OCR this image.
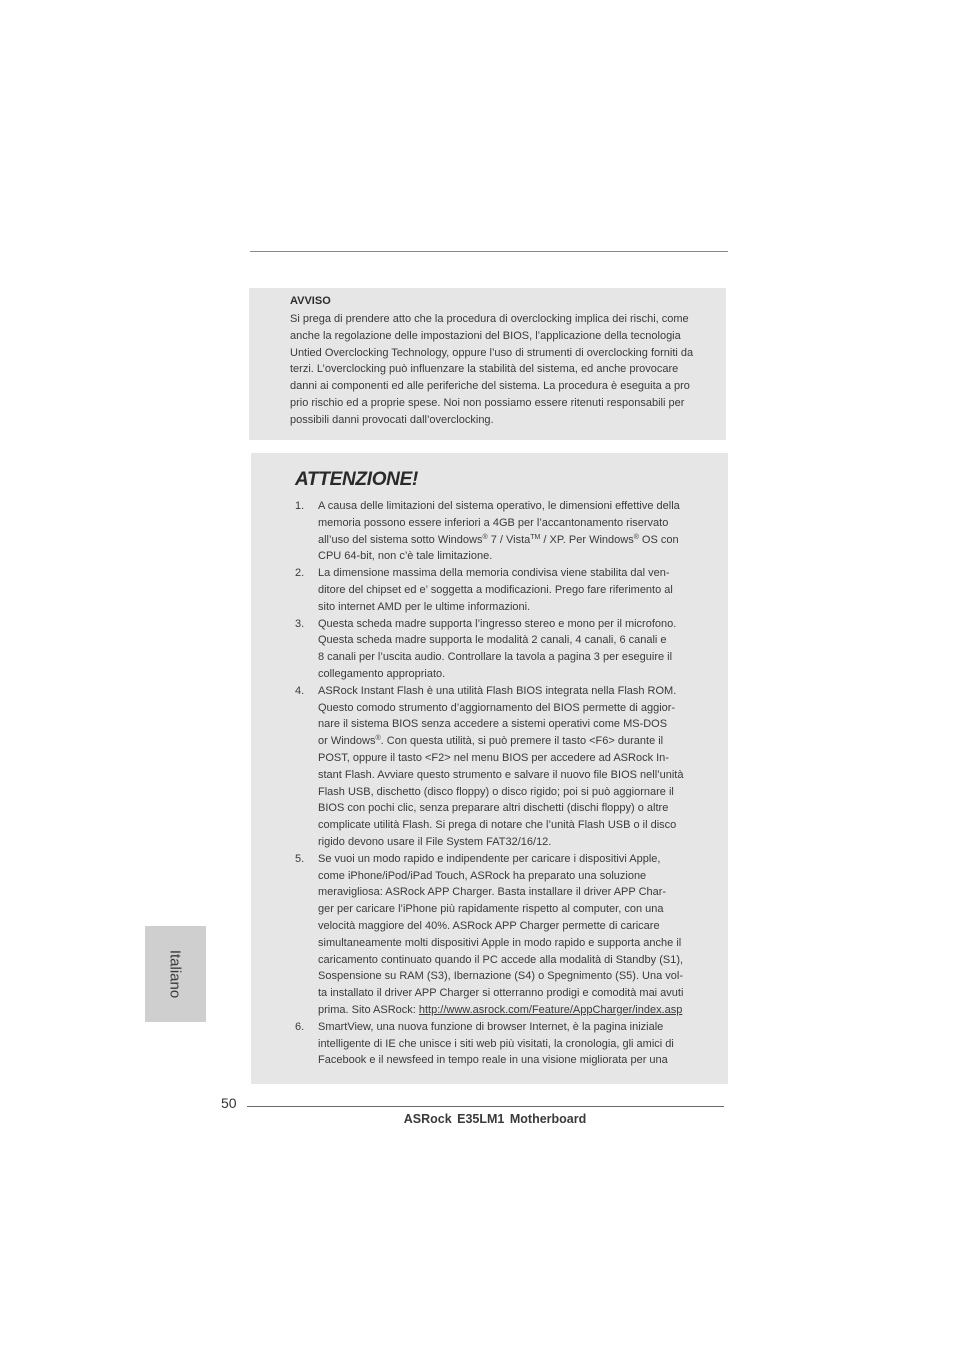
AVVISO
Si prega di prendere atto che la procedura di overclocking implica dei rischi, come
anche la regolazione delle impostazioni del BIOS, l’applicazione della tecnologia
Untied Overclocking Technology, oppure l’uso di strumenti di overclocking forniti da
terzi. L’overclocking può influenzare la stabilità del sistema, ed anche provocare
danni ai componenti ed alle periferiche del sistema. La procedura è eseguita a pro
prio rischio ed a proprie spese. Noi non possiamo essere ritenuti responsabili per
possibili danni provocati dall’overclocking.
ATTENZIONE!
1. A causa delle limitazioni del sistema operativo, le dimensioni effettive della
memoria possono essere inferiori a 4GB per l’accantonamento riservato
all’uso del sistema sotto Windows® 7 / Vista™ / XP. Per Windows® OS con
CPU 64-bit, non c’è tale limitazione.
2. La dimensione massima della memoria condivisa viene stabilita dal ven-
ditore del chipset ed e’ soggetta a modificazioni. Prego fare riferimento al
sito internet AMD per le ultime informazioni.
3. Questa scheda madre supporta l’ingresso stereo e mono per il microfono.
Questa scheda madre supporta le modalità 2 canali, 4 canali, 6 canali e
8 canali per l’uscita audio. Controllare la tavola a pagina 3 per eseguire il
collegamento appropriato.
4. ASRock Instant Flash è una utilità Flash BIOS integrata nella Flash ROM.
Questo comodo strumento d’aggiornamento del BIOS permette di aggior-
nare il sistema BIOS senza accedere a sistemi operativi come MS-DOS
or Windows®. Con questa utilità, si può premere il tasto <F6> durante il
POST, oppure il tasto <F2> nel menu BIOS per accedere ad ASRock In-
stant Flash. Avviare questo strumento e salvare il nuovo file BIOS nell’unità
Flash USB, dischetto (disco floppy) o disco rigido; poi si può aggiornare il
BIOS con pochi clic, senza preparare altri dischetti (dischi floppy) o altre
complicate utilità Flash. Si prega di notare che l’unità Flash USB o il disco
rigido devono usare il File System FAT32/16/12.
5. Se vuoi un modo rapido e indipendente per caricare i dispositivi Apple,
come iPhone/iPod/iPad Touch, ASRock ha preparato una soluzione
meravigliosa: ASRock APP Charger. Basta installare il driver APP Char-
ger per caricare l’iPhone più rapidamente rispetto al computer, con una
velocità maggiore del 40%. ASRock APP Charger permette di caricare
simultaneamente molti dispositivi Apple in modo rapido e supporta anche il
caricamento continuato quando il PC accede alla modalità di Standby (S1),
Sospensione su RAM (S3), Ibernazione (S4) o Spegnimento (S5). Una vol-
ta installato il driver APP Charger si otterranno prodigi e comodità mai avuti
prima. Sito ASRock: http://www.asrock.com/Feature/AppCharger/index.asp
6. SmartView, una nuova funzione di browser Internet, è la pagina iniziale
intelligente di IE che unisce i siti web più visitati, la cronologia, gli amici di
Facebook e il newsfeed in tempo reale in una visione migliorata per una
Italiano
50
ASRock E35LM1 Motherboard
